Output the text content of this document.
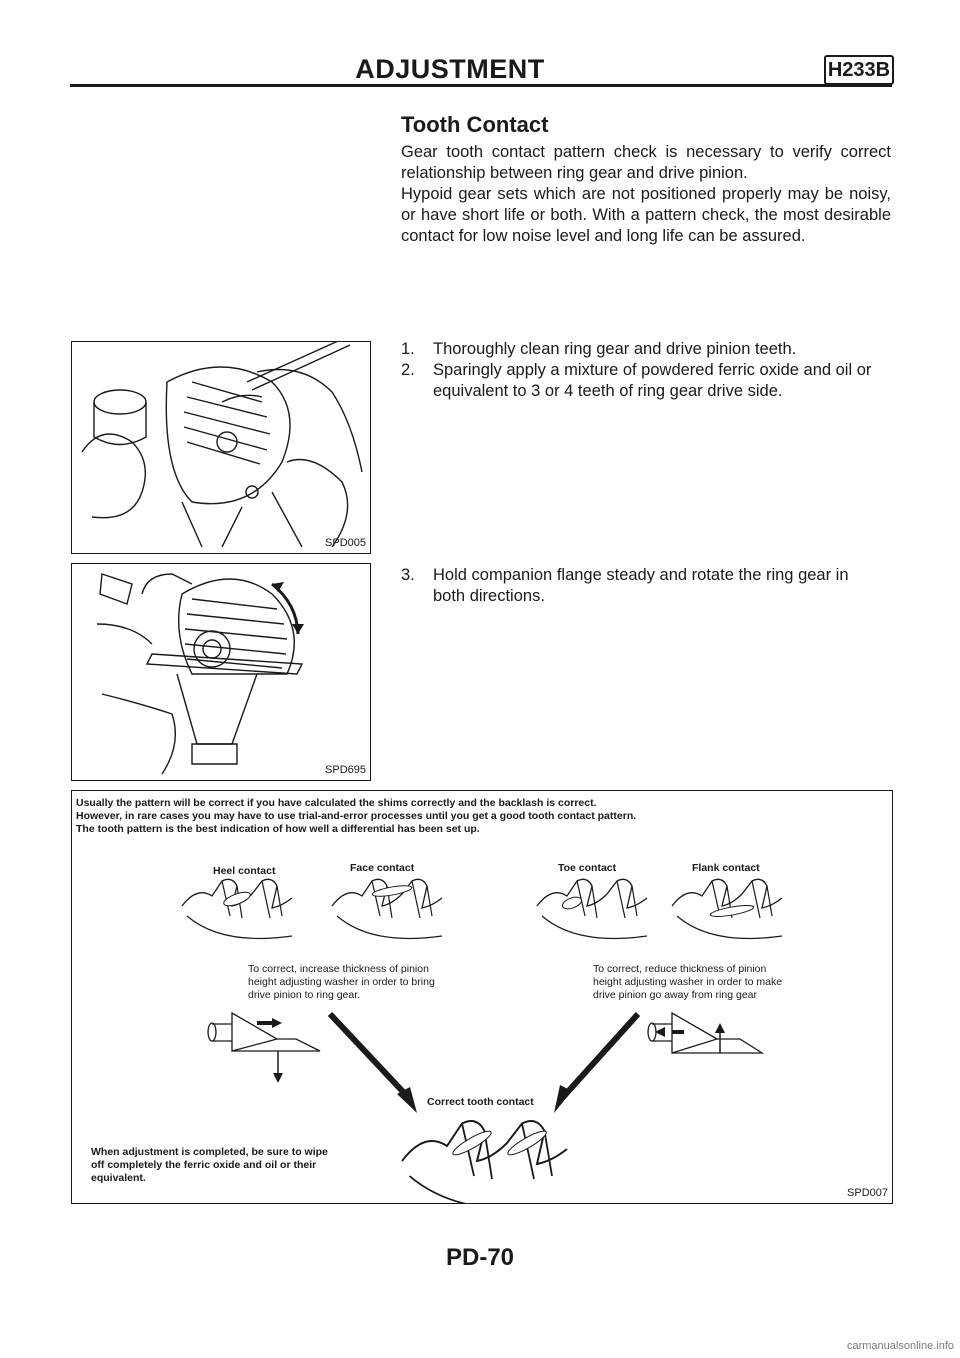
ADJUSTMENT	H233B
Tooth Contact
Gear tooth contact pattern check is necessary to verify correct relationship between ring gear and drive pinion.
Hypoid gear sets which are not positioned properly may be noisy, or have short life or both. With a pattern check, the most desirable contact for low noise level and long life can be assured.
1. Thoroughly clean ring gear and drive pinion teeth.
2. Sparingly apply a mixture of powdered ferric oxide and oil or
equivalent to 3 or 4 teeth of ring gear drive side.
3. Hold companion flange steady and rotate the ring gear in
both directions.
SPD005
SPD695
Usually the pattern will be correct if you have calculated the shims correctly and the backlash is correct.
However, in rare cases you may have to use trial-and-error processes until you get a good tooth contact pattern.
The tooth pattern is the best indication of how well a differential has been set up.
Heel contact	Face contact	Toe contact	Flank contact
Correct tooth contact
To correct, increase thickness of pinion
height adjusting washer in order to bring
drive pinion to ring gear.
To correct, reduce thickness of pinion
height adjusting washer in order to make
drive pinion go away from ring gear
When adjustment is completed, be sure to wipe
off completely the ferric oxide and oil or their
equivalent.
SPD007
PD-70
carmanualsonline.info
